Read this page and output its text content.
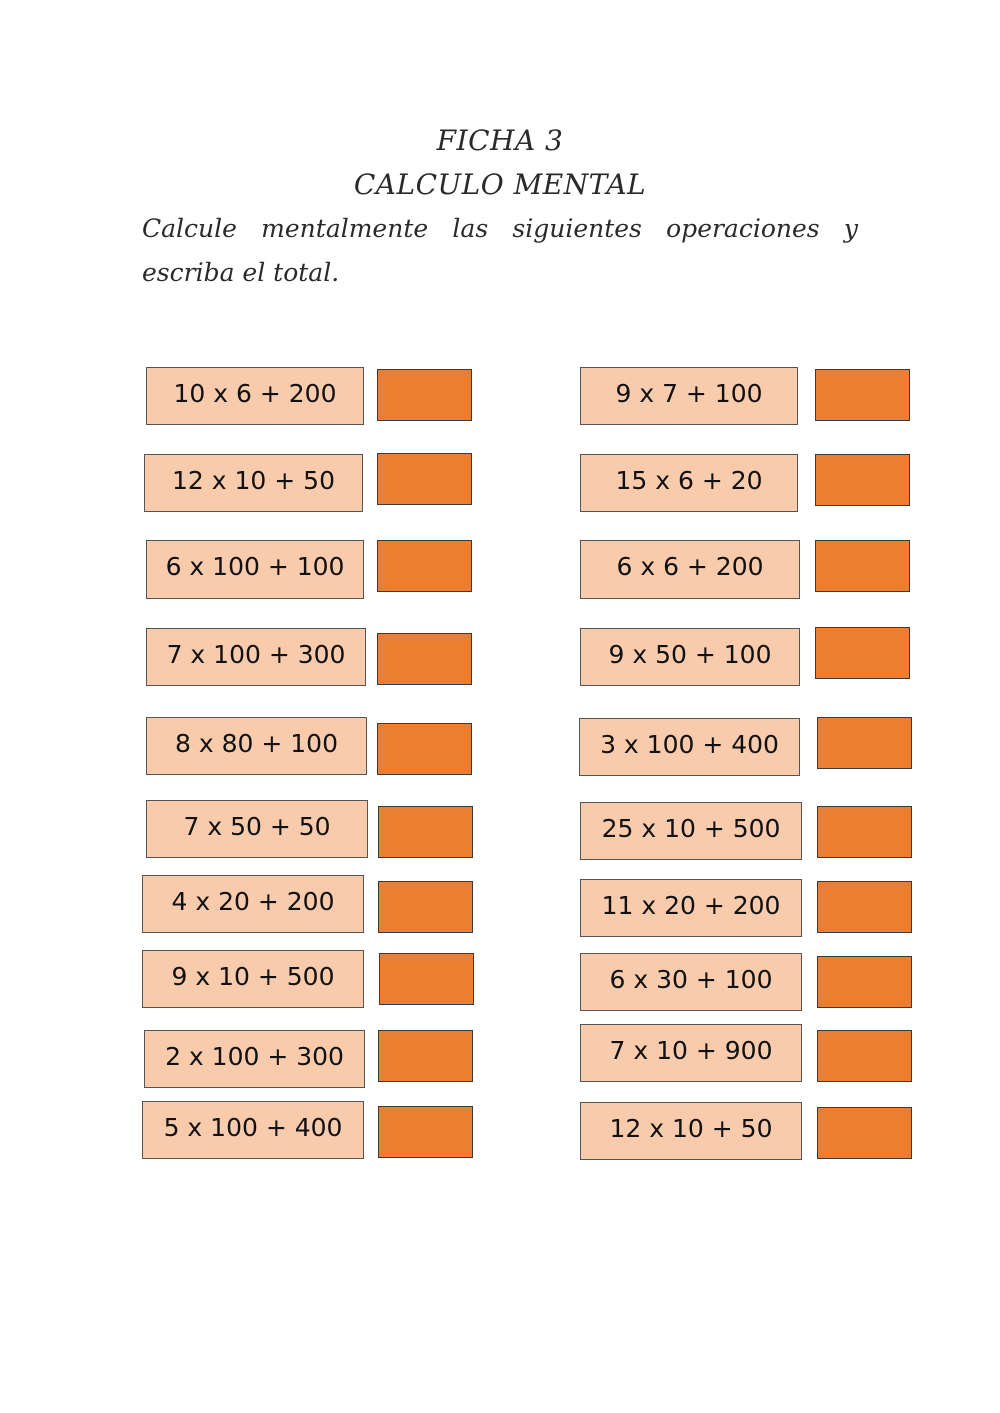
FICHA 3
CALCULO MENTAL
Calcule mentalmente las siguientes operaciones y
escriba el total.
10 x 6 + 200
12 x 10 + 50
6 x 100 + 100
7 x 100 + 300
8 x 80 + 100
7 x 50 + 50
4 x 20 + 200
9 x 10 + 500
2 x 100 + 300
5 x 100 + 400
9 x 7 + 100
15 x 6 + 20
6 x 6 + 200
9 x 50 + 100
3 x 100 + 400
25 x 10 + 500
11 x 20 + 200
6 x 30 + 100
7 x 10 + 900
12 x 10 + 50
